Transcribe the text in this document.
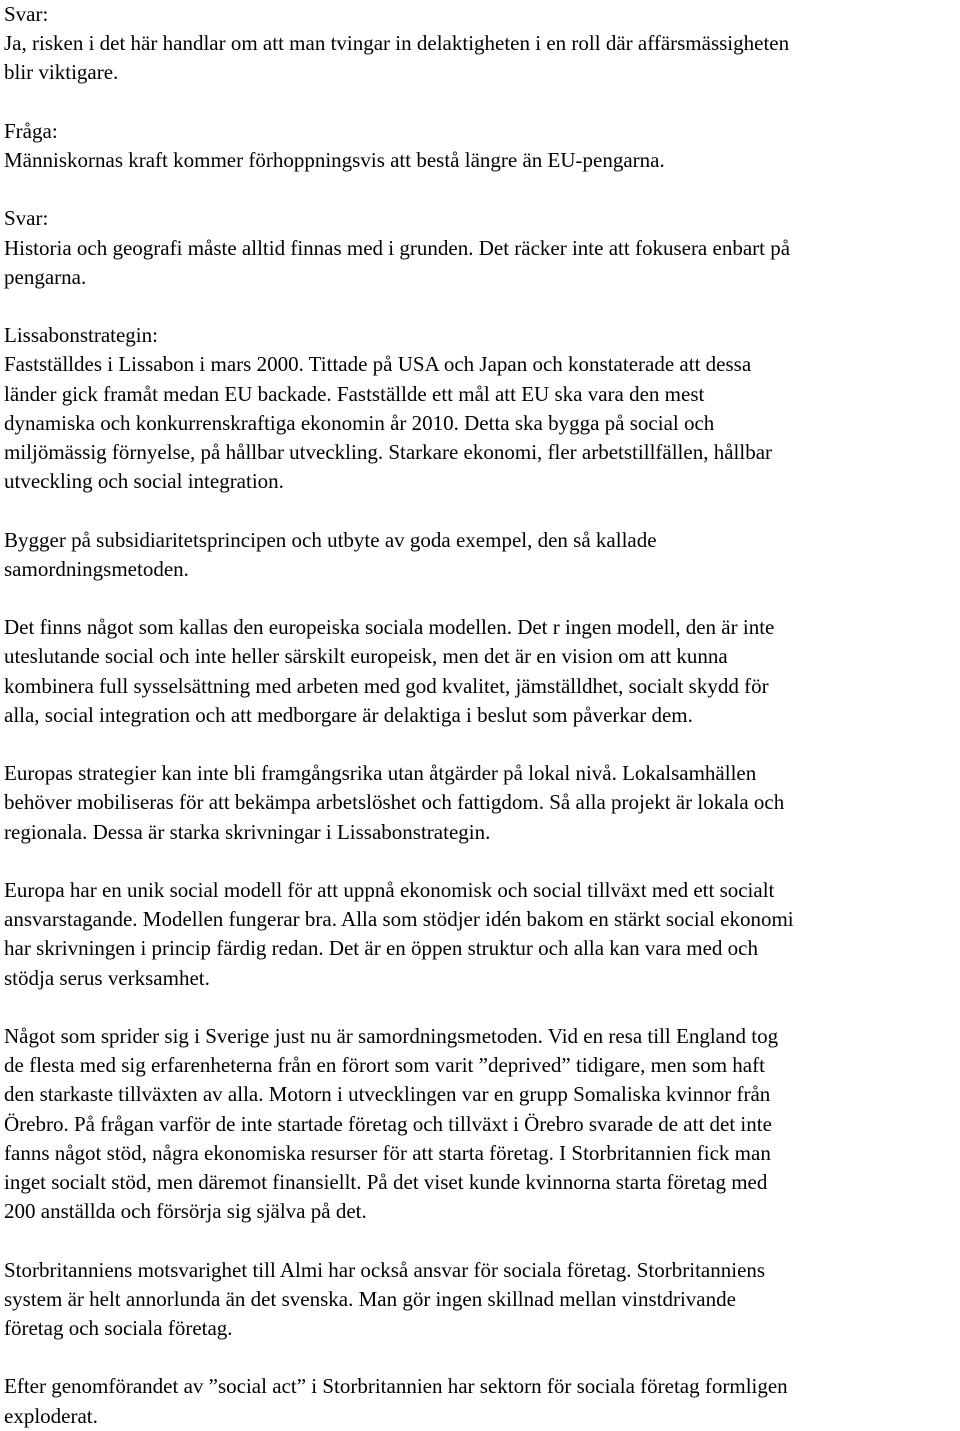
Svar:
Ja, risken i det här handlar om att man tvingar in delaktigheten i en roll där affärsmässigheten
blir viktigare.
Fråga:
Människornas kraft kommer förhoppningsvis att bestå längre än EU-pengarna.
Svar:
Historia och geografi måste alltid finnas med i grunden. Det räcker inte att fokusera enbart på
pengarna.
Lissabonstrategin:
Fastställdes i Lissabon i mars 2000. Tittade på USA och Japan och konstaterade att dessa
länder gick framåt medan EU backade. Fastställde ett mål att EU ska vara den mest
dynamiska och konkurrenskraftiga ekonomin år 2010. Detta ska bygga på social och
miljömässig förnyelse, på hållbar utveckling. Starkare ekonomi, fler arbetstillfällen, hållbar
utveckling och social integration.
Bygger på subsidiaritetsprincipen och utbyte av goda exempel, den så kallade
samordningsmetoden.
Det finns något som kallas den europeiska sociala modellen. Det r ingen modell, den är inte
uteslutande social och inte heller särskilt europeisk, men det är en vision om att kunna
kombinera full sysselsättning med arbeten med god kvalitet, jämställdhet, socialt skydd för
alla, social integration och att medborgare är delaktiga i beslut som påverkar dem.
Europas strategier kan inte bli framgångsrika utan åtgärder på lokal nivå. Lokalsamhällen
behöver mobiliseras för att bekämpa arbetslöshet och fattigdom. Så alla projekt är lokala och
regionala. Dessa är starka skrivningar i Lissabonstrategin.
Europa har en unik social modell för att uppnå ekonomisk och social tillväxt med ett socialt
ansvarstagande. Modellen fungerar bra. Alla som stödjer idén bakom en stärkt social ekonomi
har skrivningen i princip färdig redan. Det är en öppen struktur och alla kan vara med och
stödja serus verksamhet.
Något som sprider sig i Sverige just nu är samordningsmetoden. Vid en resa till England tog
de flesta med sig erfarenheterna från en förort som varit ”deprived” tidigare, men som haft
den starkaste tillväxten av alla. Motorn i utvecklingen var en grupp Somaliska kvinnor från
Örebro. På frågan varför de inte startade företag och tillväxt i Örebro svarade de att det inte
fanns något stöd, några ekonomiska resurser för att starta företag. I Storbritannien fick man
inget socialt stöd, men däremot finansiellt. På det viset kunde kvinnorna starta företag med
200 anställda och försörja sig själva på det.
Storbritanniens motsvarighet till Almi har också ansvar för sociala företag. Storbritanniens
system är helt annorlunda än det svenska. Man gör ingen skillnad mellan vinstdrivande
företag och sociala företag.
Efter genomförandet av ”social act” i Storbritannien har sektorn för sociala företag formligen
exploderat.
